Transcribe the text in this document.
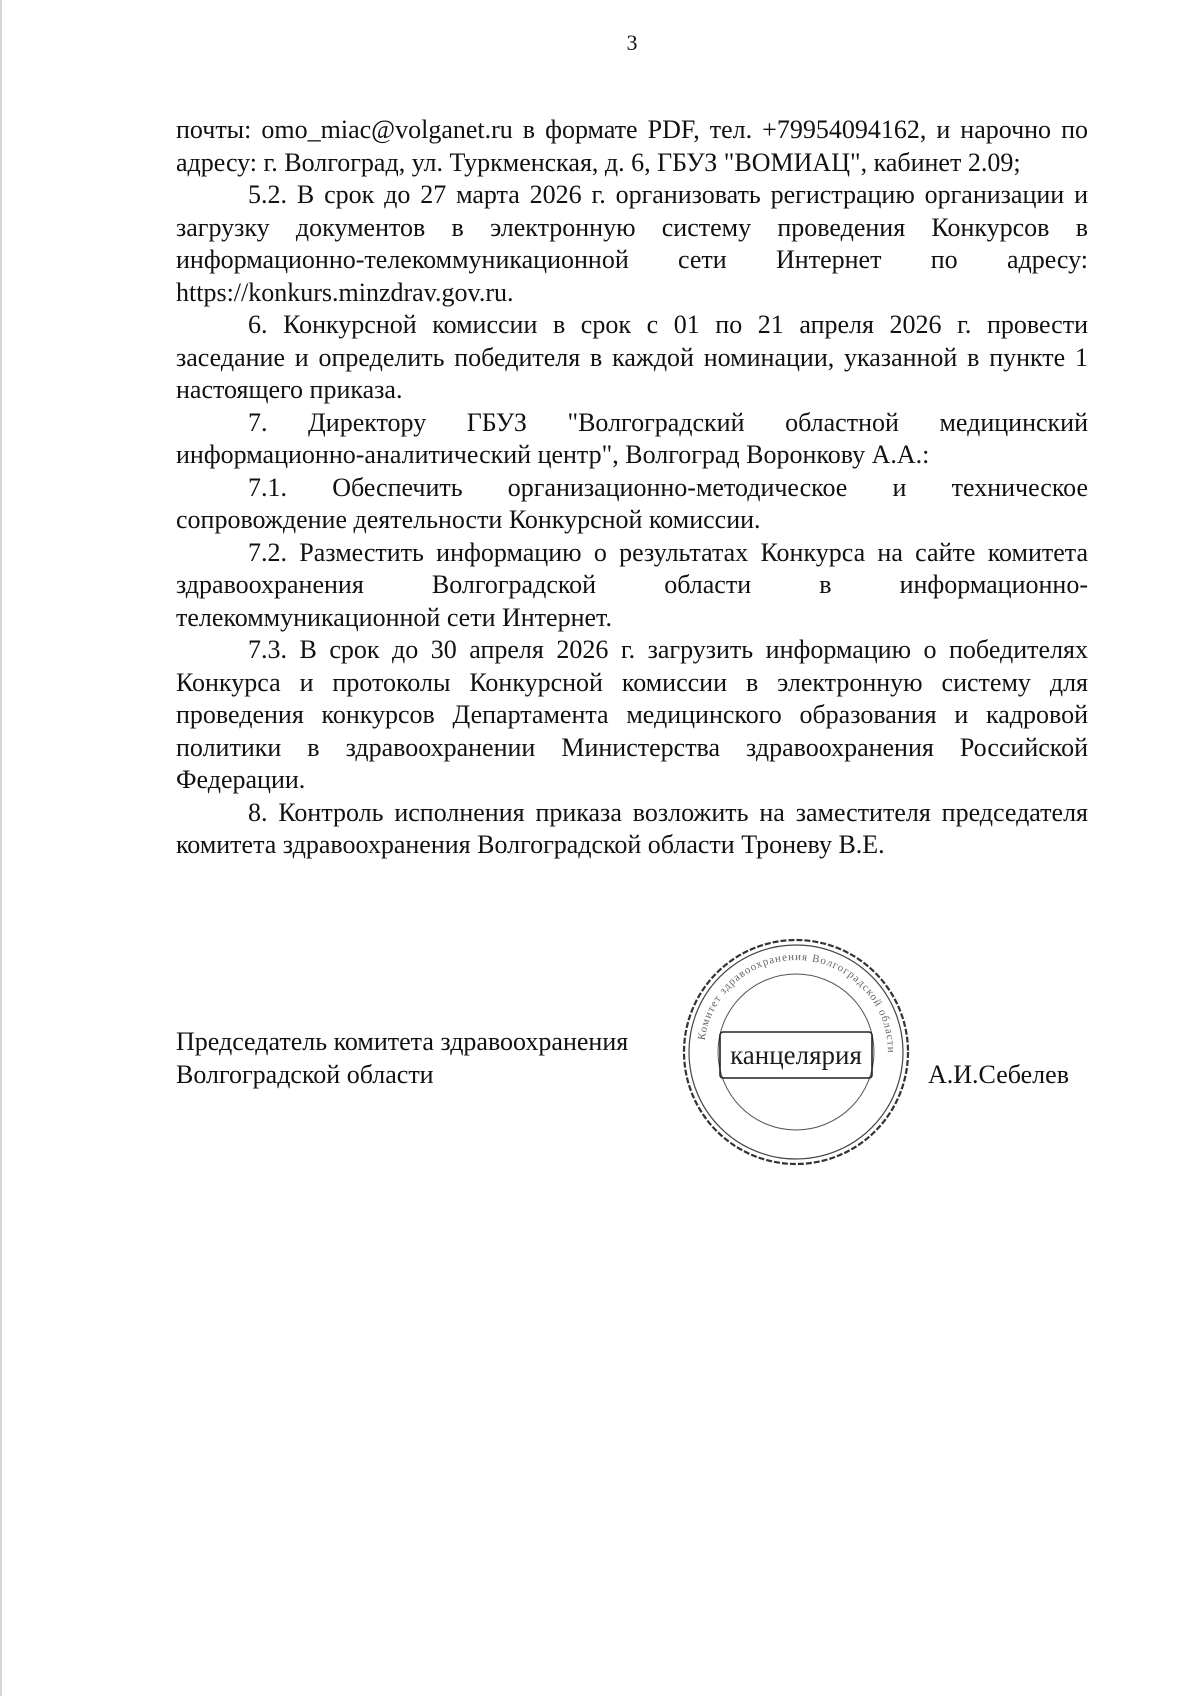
3

почты: omo_miac@volganet.ru в формате PDF, тел. +79954094162, и нарочно по адресу: г. Волгоград, ул. Туркменская, д. 6, ГБУЗ "ВОМИАЦ", кабинет 2.09;

5.2. В срок до 27 марта 2026 г. организовать регистрацию организации и загрузку документов в электронную систему проведения Конкурсов в информационно-телекоммуникационной сети Интернет по адресу: https://konkurs.minzdrav.gov.ru.

6. Конкурсной комиссии в срок с 01 по 21 апреля 2026 г. провести заседание и определить победителя в каждой номинации, указанной в пункте 1 настоящего приказа.

7. Директору ГБУЗ "Волгоградский областной медицинский информационно-аналитический центр", Волгоград Воронкову А.А.:

7.1. Обеспечить организационно-методическое и техническое сопровождение деятельности Конкурсной комиссии.

7.2. Разместить информацию о результатах Конкурса на сайте комитета здравоохранения Волгоградской области в информационно-телекоммуникационной сети Интернет.

7.3. В срок до 30 апреля 2026 г. загрузить информацию о победителях Конкурса и протоколы Конкурсной комиссии в электронную систему для проведения конкурсов Департамента медицинского образования и кадровой политики в здравоохранении Министерства здравоохранения Российской Федерации.

8. Контроль исполнения приказа возложить на заместителя председателя комитета здравоохранения Волгоградской области Троневу В.Е.

Председатель комитета здравоохранения
Волгоградской области
Комитет здравоохранения Волгоградской области
канцелярия
А.И.Себелев
